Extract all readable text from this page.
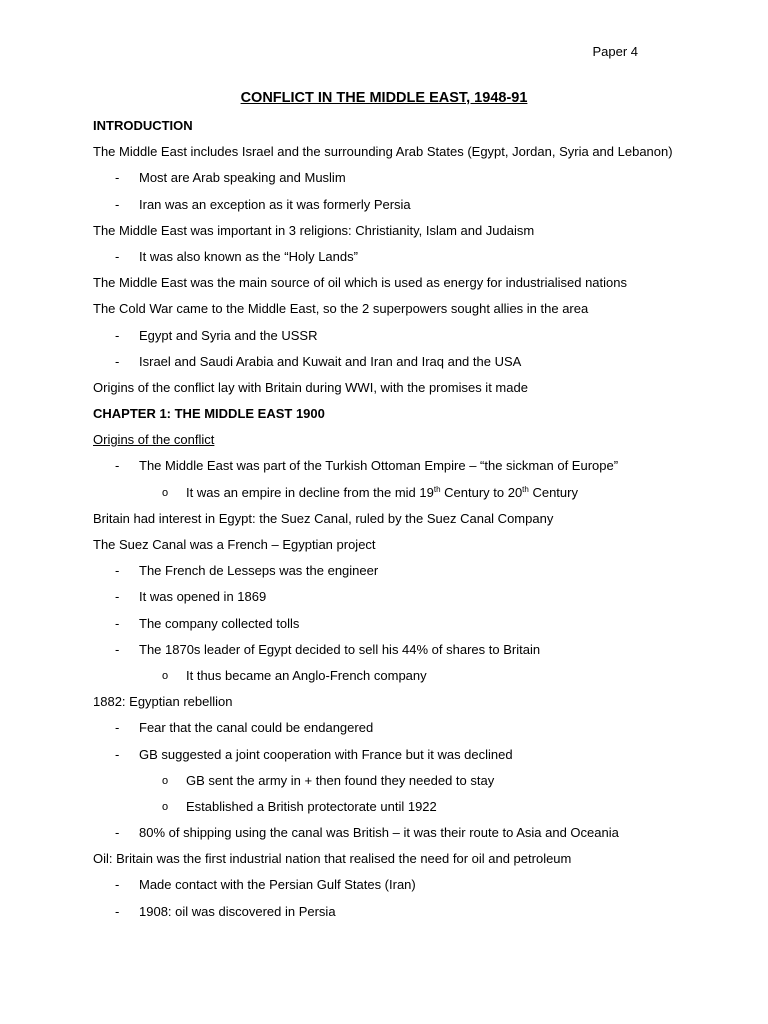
Paper 4
CONFLICT IN THE MIDDLE EAST, 1948-91
INTRODUCTION
The Middle East includes Israel and the surrounding Arab States (Egypt, Jordan, Syria and Lebanon)
- Most are Arab speaking and Muslim
- Iran was an exception as it was formerly Persia
The Middle East was important in 3 religions: Christianity, Islam and Judaism
- It was also known as the “Holy Lands”
The Middle East was the main source of oil which is used as energy for industrialised nations
The Cold War came to the Middle East, so the 2 superpowers sought allies in the area
- Egypt and Syria and the USSR
- Israel and Saudi Arabia and Kuwait and Iran and Iraq and the USA
Origins of the conflict lay with Britain during WWI, with the promises it made
CHAPTER 1: THE MIDDLE EAST 1900
Origins of the conflict
- The Middle East was part of the Turkish Ottoman Empire – “the sickman of Europe”
o It was an empire in decline from the mid 19th Century to 20th Century
Britain had interest in Egypt: the Suez Canal, ruled by the Suez Canal Company
The Suez Canal was a French – Egyptian project
- The French de Lesseps was the engineer
- It was opened in 1869
- The company collected tolls
- The 1870s leader of Egypt decided to sell his 44% of shares to Britain
o It thus became an Anglo-French company
1882: Egyptian rebellion
- Fear that the canal could be endangered
- GB suggested a joint cooperation with France but it was declined
o GB sent the army in + then found they needed to stay
o Established a British protectorate until 1922
- 80% of shipping using the canal was British – it was their route to Asia and Oceania
Oil: Britain was the first industrial nation that realised the need for oil and petroleum
- Made contact with the Persian Gulf States (Iran)
- 1908: oil was discovered in Persia
